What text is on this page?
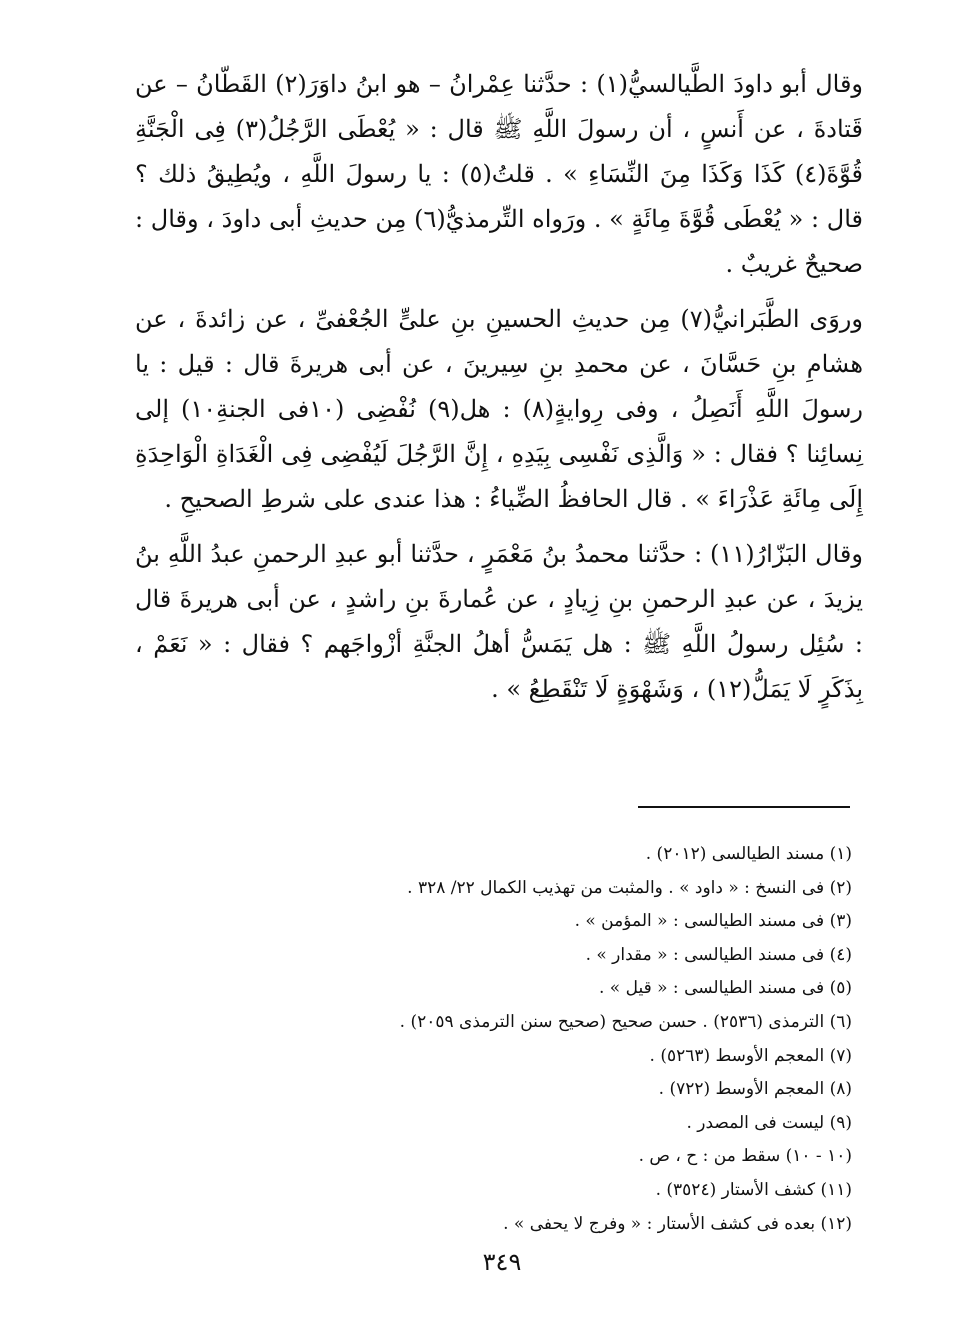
وقال أبو داودَ الطَّيالسيُّ(١) : حدَّثنا عِمْرانُ – هو ابنُ داوَرَ(٢) القَطّانُ – عن قَتادةَ ، عن أَنسٍ ، أن رسولَ اللَّهِ ﷺ قال : « يُعْطَى الرَّجُلُ(٣) فِى الْجَنَّةِ قُوَّةَ(٤) كَذَا وَكَذَا مِنَ النِّسَاءِ » . قلتُ(٥) : يا رسولَ اللَّهِ ، ويُطِيقُ ذلك ؟ قال : « يُعْطَى قُوَّةَ مِائَةٍ » . ورَواه التِّرمذيُّ(٦) مِن حديثِ أبى داودَ ، وقال : صحيحٌ غريبٌ .

وروَى الطَّبَرانيُّ(٧) مِن حديثِ الحسينِ بنِ علىٍّ الجُعْفىِّ ، عن زائدةَ ، عن هشامِ بنِ حَسَّانَ ، عن محمدِ بنِ سِيرينَ ، عن أبى هريرةَ قال : قيل : يا رسولَ اللَّهِ أَنَصِلُ ، وفى رِوايةٍ(٨) : هل(٩) نُفْضِى (١٠فى الجنةِ١٠) إلى نِسائِنا ؟ فقال : « وَالَّذِى نَفْسِى بِيَدِهِ ، إِنَّ الرَّجُلَ لَيُفْضِى فِى الْغَدَاةِ الْوَاحِدَةِ إِلَى مِائَةِ عَذْرَاءَ » . قال الحافظُ الضِّياءُ : هذا عندى على شرطِ الصحيحِ .

وقال البَزّارُ(١١) : حدَّثنا محمدُ بنُ مَعْمَرٍ ، حدَّثنا أبو عبدِ الرحمنِ عبدُ اللَّهِ بنُ يزيدَ ، عن عبدِ الرحمنِ بنِ زِيادٍ ، عن عُمارةَ بنِ راشدٍ ، عن أبى هريرةَ قال : سُئِل رسولُ اللَّهِ ﷺ : هل يَمَسُّ أهلُ الجنَّةِ أزْواجَهم ؟ فقال : « نَعَمْ ، بِذَكَرٍ لَا يَمَلُّ(١٢) ، وَشَهْوَةٍ لَا تَنْقَطِعُ » .

(١) مسند الطيالسى (٢٠١٢) .
(٢) فى النسخ : « داود » . والمثبت من تهذيب الكمال ٢٢/ ٣٢٨ .
(٣) فى مسند الطيالسى : « المؤمن » .
(٤) فى مسند الطيالسى : « مقدار » .
(٥) فى مسند الطيالسى : « قيل » .
(٦) الترمذى (٢٥٣٦) . حسن صحيح (صحيح سنن الترمذى ٢٠٥٩) .
(٧) المعجم الأوسط (٥٢٦٣) .
(٨) المعجم الأوسط (٧٢٢) .
(٩) ليست فى المصدر .
(١٠ - ١٠) سقط من : ح ، ص .
(١١) كشف الأستار (٣٥٢٤) .
(١٢) بعده فى كشف الأستار : « وفرج لا يحفى » .
٣٤٩
